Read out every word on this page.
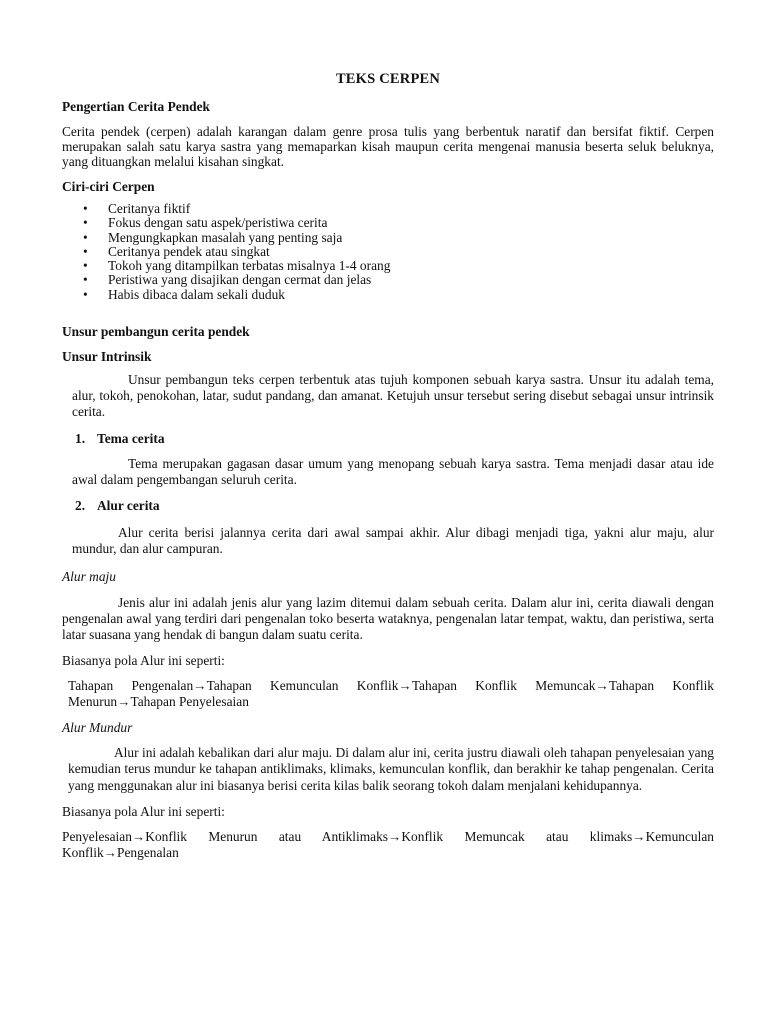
TEKS CERPEN
Pengertian Cerita Pendek
Cerita pendek (cerpen) adalah karangan dalam genre prosa tulis yang berbentuk naratif dan bersifat fiktif. Cerpen merupakan salah satu karya sastra yang memaparkan kisah maupun cerita mengenai manusia beserta seluk beluknya, yang dituangkan melalui kisahan singkat.
Ciri-ciri Cerpen
• Ceritanya fiktif
• Fokus dengan satu aspek/peristiwa cerita
• Mengungkapkan masalah yang penting saja
• Ceritanya pendek atau singkat
• Tokoh yang ditampilkan terbatas misalnya 1-4 orang
• Peristiwa yang disajikan dengan cermat dan jelas
• Habis dibaca dalam sekali duduk
Unsur pembangun cerita pendek
Unsur Intrinsik
Unsur pembangun teks cerpen terbentuk atas tujuh komponen sebuah karya sastra. Unsur itu adalah tema, alur, tokoh, penokohan, latar, sudut pandang, dan amanat. Ketujuh unsur tersebut sering disebut sebagai unsur intrinsik cerita.
1. Tema cerita
Tema merupakan gagasan dasar umum yang menopang sebuah karya sastra. Tema menjadi dasar atau ide awal dalam pengembangan seluruh cerita.
2. Alur cerita
Alur cerita berisi jalannya cerita dari awal sampai akhir. Alur dibagi menjadi tiga, yakni alur maju, alur mundur, dan alur campuran.
Alur maju
Jenis alur ini adalah jenis alur yang lazim ditemui dalam sebuah cerita. Dalam alur ini, cerita diawali dengan pengenalan awal yang terdiri dari pengenalan toko beserta wataknya, pengenalan latar tempat, waktu, dan peristiwa, serta latar suasana yang hendak di bangun dalam suatu cerita.
Biasanya pola Alur ini seperti:
Tahapan Pengenalan→Tahapan Kemunculan Konflik→Tahapan Konflik Memuncak→Tahapan Konflik Menurun→Tahapan Penyelesaian
Alur Mundur
Alur ini adalah kebalikan dari alur maju. Di dalam alur ini, cerita justru diawali oleh tahapan penyelesaian yang kemudian terus mundur ke tahapan antiklimaks, klimaks, kemunculan konflik, dan berakhir ke tahap pengenalan. Cerita yang menggunakan alur ini biasanya berisi cerita kilas balik seorang tokoh dalam menjalani kehidupannya.
Biasanya pola Alur ini seperti:
Penyelesaian→Konflik Menurun atau Antiklimaks→Konflik Memuncak atau klimaks→Kemunculan Konflik→Pengenalan
